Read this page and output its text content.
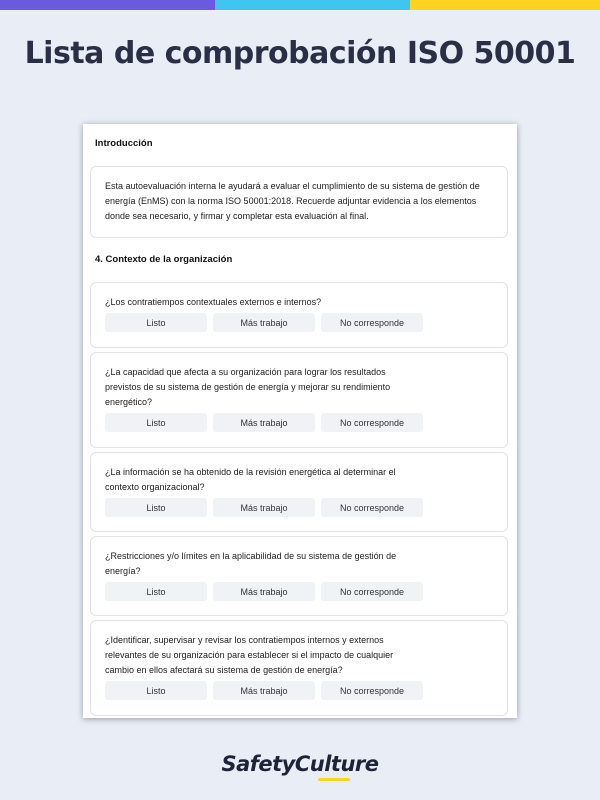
Lista de comprobación ISO 50001
Introducción

Esta autoevaluación interna le ayudará a evaluar el cumplimiento de su sistema de gestión de energía (EnMS) con la norma ISO 50001:2018. Recuerde adjuntar evidencia a los elementos donde sea necesario, y firmar y completar esta evaluación al final.

4. Contexto de la organización

¿Los contratiempos contextuales externos e internos?

Listo	Más trabajo	No corresponde

¿La capacidad que afecta a su organización para lograr los resultados previstos de su sistema de gestión de energía y mejorar su rendimiento energético?

Listo	Más trabajo	No corresponde

¿La información se ha obtenido de la revisión energética al determinar el contexto organizacional?

Listo	Más trabajo	No corresponde

¿Restricciones y/o límites en la aplicabilidad de su sistema de gestión de energía?

Listo	Más trabajo	No corresponde

¿Identificar, supervisar y revisar los contratiempos internos y externos relevantes de su organización para establecer si el impacto de cualquier cambio en ellos afectará su sistema de gestión de energía?

Listo	Más trabajo	No corresponde
SafetyCulture
